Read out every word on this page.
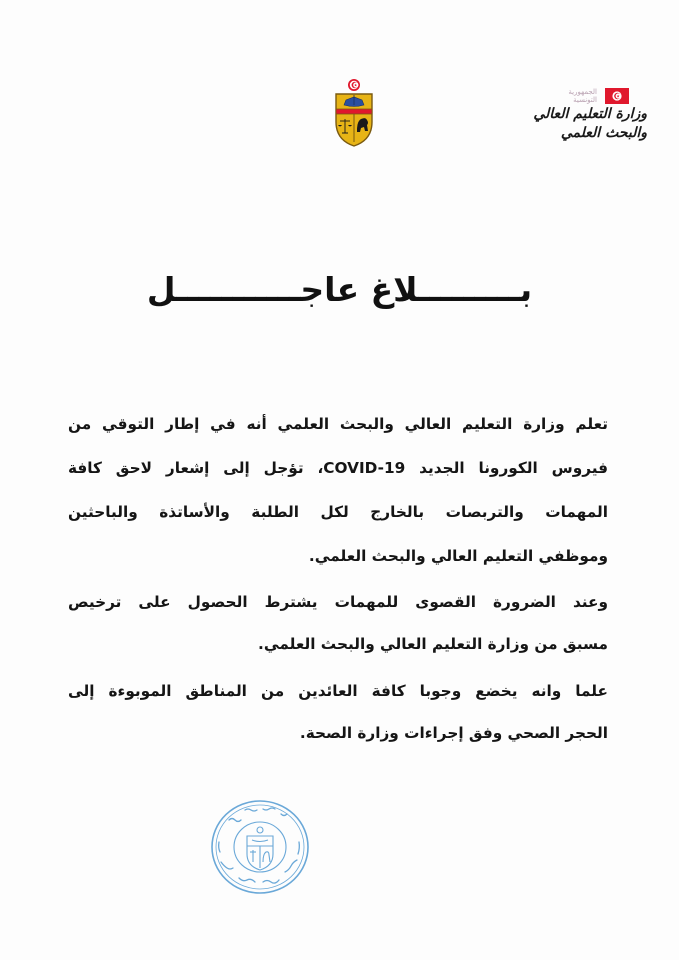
الجمهورية التونسية
وزارة التعليم العالي
والبحث العلمي
بـــــــــلاغ عاجـــــــــــل
تعلم وزارة التعليم العالي والبحث العلمي أنه في إطار التوقي من
فيروس الكورونا الجديد COVID-19، تؤجل إلى إشعار لاحق كافة
المهمات والتربصات بالخارج لكل الطلبة والأساتذة والباحثين
وموظفي التعليم العالي والبحث العلمي.
وعند الضرورة القصوى للمهمات يشترط الحصول على ترخيص
مسبق من وزارة التعليم العالي والبحث العلمي.
علما وانه يخضع وجوبا كافة العائدين من المناطق الموبوءة إلى
الحجر الصحي وفق إجراءات وزارة الصحة.
